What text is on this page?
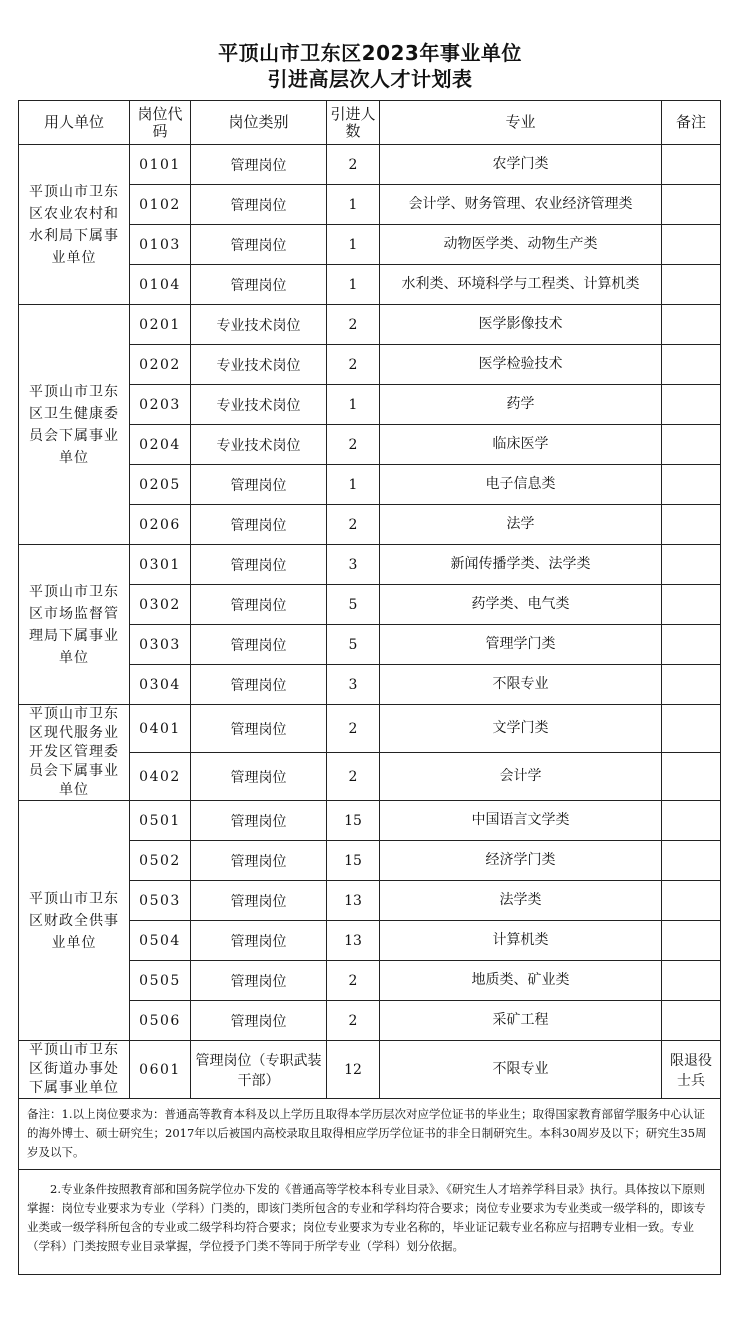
平顶山市卫东区2023年事业单位
引进高层次人才计划表
用人单位	岗位代码	岗位类别	引进人数	专业	备注
平顶山市卫东区农业农村和水利局下属事业单位	0101	管理岗位	2	农学门类	
	0102	管理岗位	1	会计学、财务管理、农业经济管理类	
	0103	管理岗位	1	动物医学类、动物生产类	
	0104	管理岗位	1	水利类、环境科学与工程类、计算机类	
平顶山市卫东区卫生健康委员会下属事业单位	0201	专业技术岗位	2	医学影像技术	
	0202	专业技术岗位	2	医学检验技术	
	0203	专业技术岗位	1	药学	
	0204	专业技术岗位	2	临床医学	
	0205	管理岗位	1	电子信息类	
	0206	管理岗位	2	法学	
平顶山市卫东区市场监督管理局下属事业单位	0301	管理岗位	3	新闻传播学类、法学类	
	0302	管理岗位	5	药学类、电气类	
	0303	管理岗位	5	管理学门类	
	0304	管理岗位	3	不限专业	
平顶山市卫东区现代服务业开发区管理委员会下属事业单位	0401	管理岗位	2	文学门类	
	0402	管理岗位	2	会计学	
平顶山市卫东区财政全供事业单位	0501	管理岗位	15	中国语言文学类	
	0502	管理岗位	15	经济学门类	
	0503	管理岗位	13	法学类	
	0504	管理岗位	13	计算机类	
	0505	管理岗位	2	地质类、矿业类	
	0506	管理岗位	2	采矿工程	
平顶山市卫东区街道办事处下属事业单位	0601	管理岗位（专职武装干部）	12	不限专业	限退役士兵

备注：1.以上岗位要求为：普通高等教育本科及以上学历且取得本学历层次对应学位证书的毕业生；取得国家教育部留学服务中心认证的海外博士、硕士研究生；2017年以后被国内高校录取且取得相应学历学位证书的非全日制研究生。本科30周岁及以下；研究生35周岁及以下。

2.专业条件按照教育部和国务院学位办下发的《普通高等学校本科专业目录》、《研究生人才培养学科目录》执行。具体按以下原则掌握：岗位专业要求为专业（学科）门类的，即该门类所包含的专业和学科均符合要求；岗位专业要求为专业类或一级学科的，即该专业类或一级学科所包含的专业或二级学科均符合要求；岗位专业要求为专业名称的，毕业证记载专业名称应与招聘专业相一致。专业（学科）门类按照专业目录掌握，学位授予门类不等同于所学专业（学科）划分依据。					
